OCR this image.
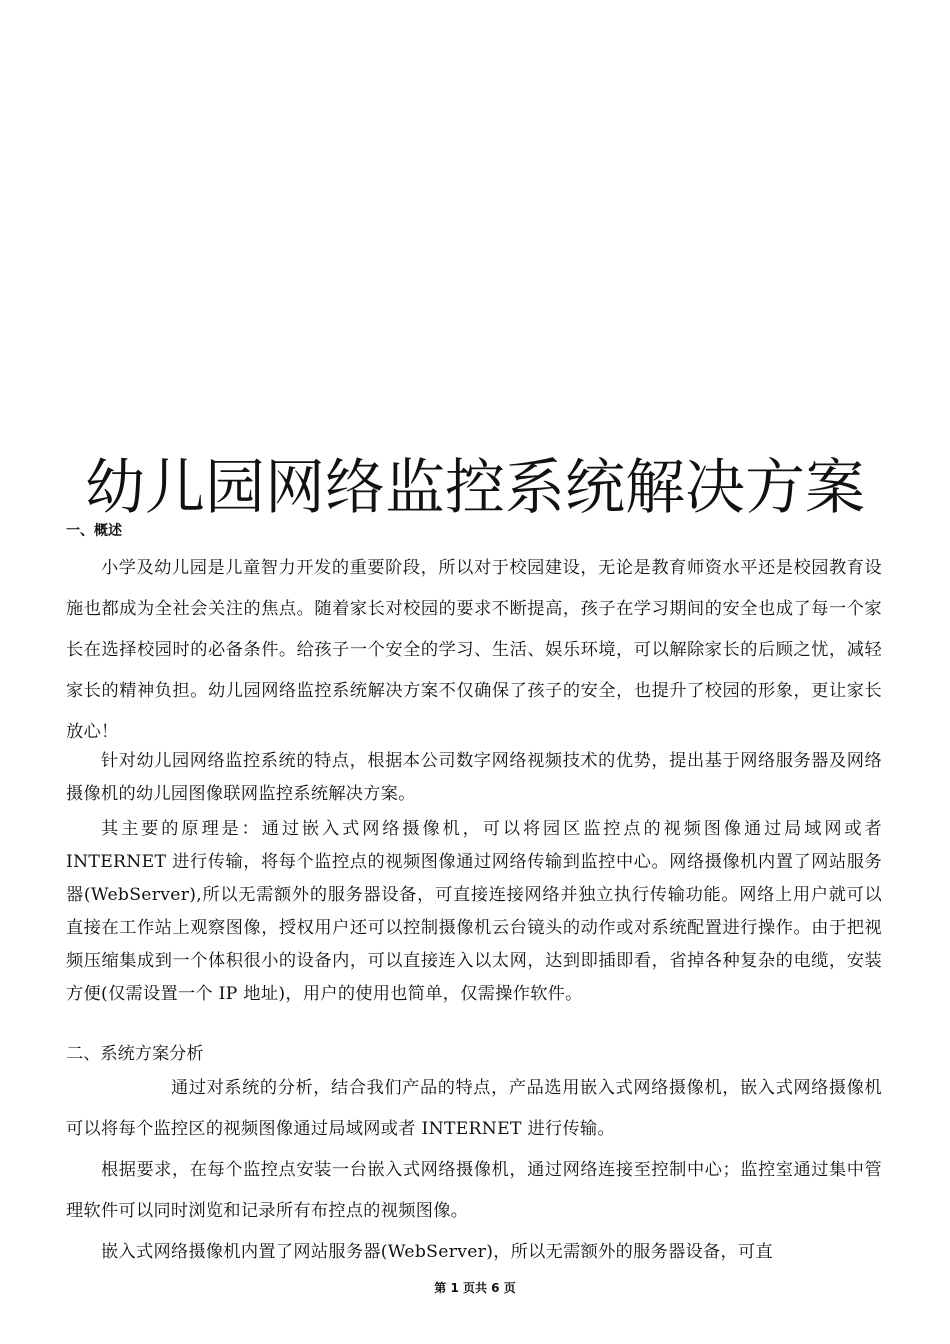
幼儿园网络监控系统解决方案
一、概述

小学及幼儿园是儿童智力开发的重要阶段，所以对于校园建设，无论是教育师资水平还是校园教育设施也都成为全社会关注的焦点。随着家长对校园的要求不断提高，孩子在学习期间的安全也成了每一个家长在选择校园时的必备条件。给孩子一个安全的学习、生活、娱乐环境，可以解除家长的后顾之忧，减轻家长的精神负担。幼儿园网络监控系统解决方案不仅确保了孩子的安全，也提升了校园的形象，更让家长放心！

针对幼儿园网络监控系统的特点，根据本公司数字网络视频技术的优势，提出基于网络服务器及网络摄像机的幼儿园图像联网监控系统解决方案。

其主要的原理是：通过嵌入式网络摄像机，可以将园区监控点的视频图像通过局域网或者 INTERNET 进行传输，将每个监控点的视频图像通过网络传输到监控中心。网络摄像机内置了网站服务器(WebServer),所以无需额外的服务器设备，可直接连接网络并独立执行传输功能。网络上用户就可以直接在工作站上观察图像，授权用户还可以控制摄像机云台镜头的动作或对系统配置进行操作。由于把视频压缩集成到一个体积很小的设备内，可以直接连入以太网，达到即插即看，省掉各种复杂的电缆，安装方便(仅需设置一个 IP 地址)，用户的使用也简单，仅需操作软件。

二、系统方案分析

通过对系统的分析，结合我们产品的特点，产品选用嵌入式网络摄像机，嵌入式网络摄像机可以将每个监控区的视频图像通过局域网或者 INTERNET 进行传输。

根据要求，在每个监控点安装一台嵌入式网络摄像机，通过网络连接至控制中心；监控室通过集中管理软件可以同时浏览和记录所有布控点的视频图像。

嵌入式网络摄像机内置了网站服务器(WebServer)，所以无需额外的服务器设备，可直

第 1 页共 6 页
